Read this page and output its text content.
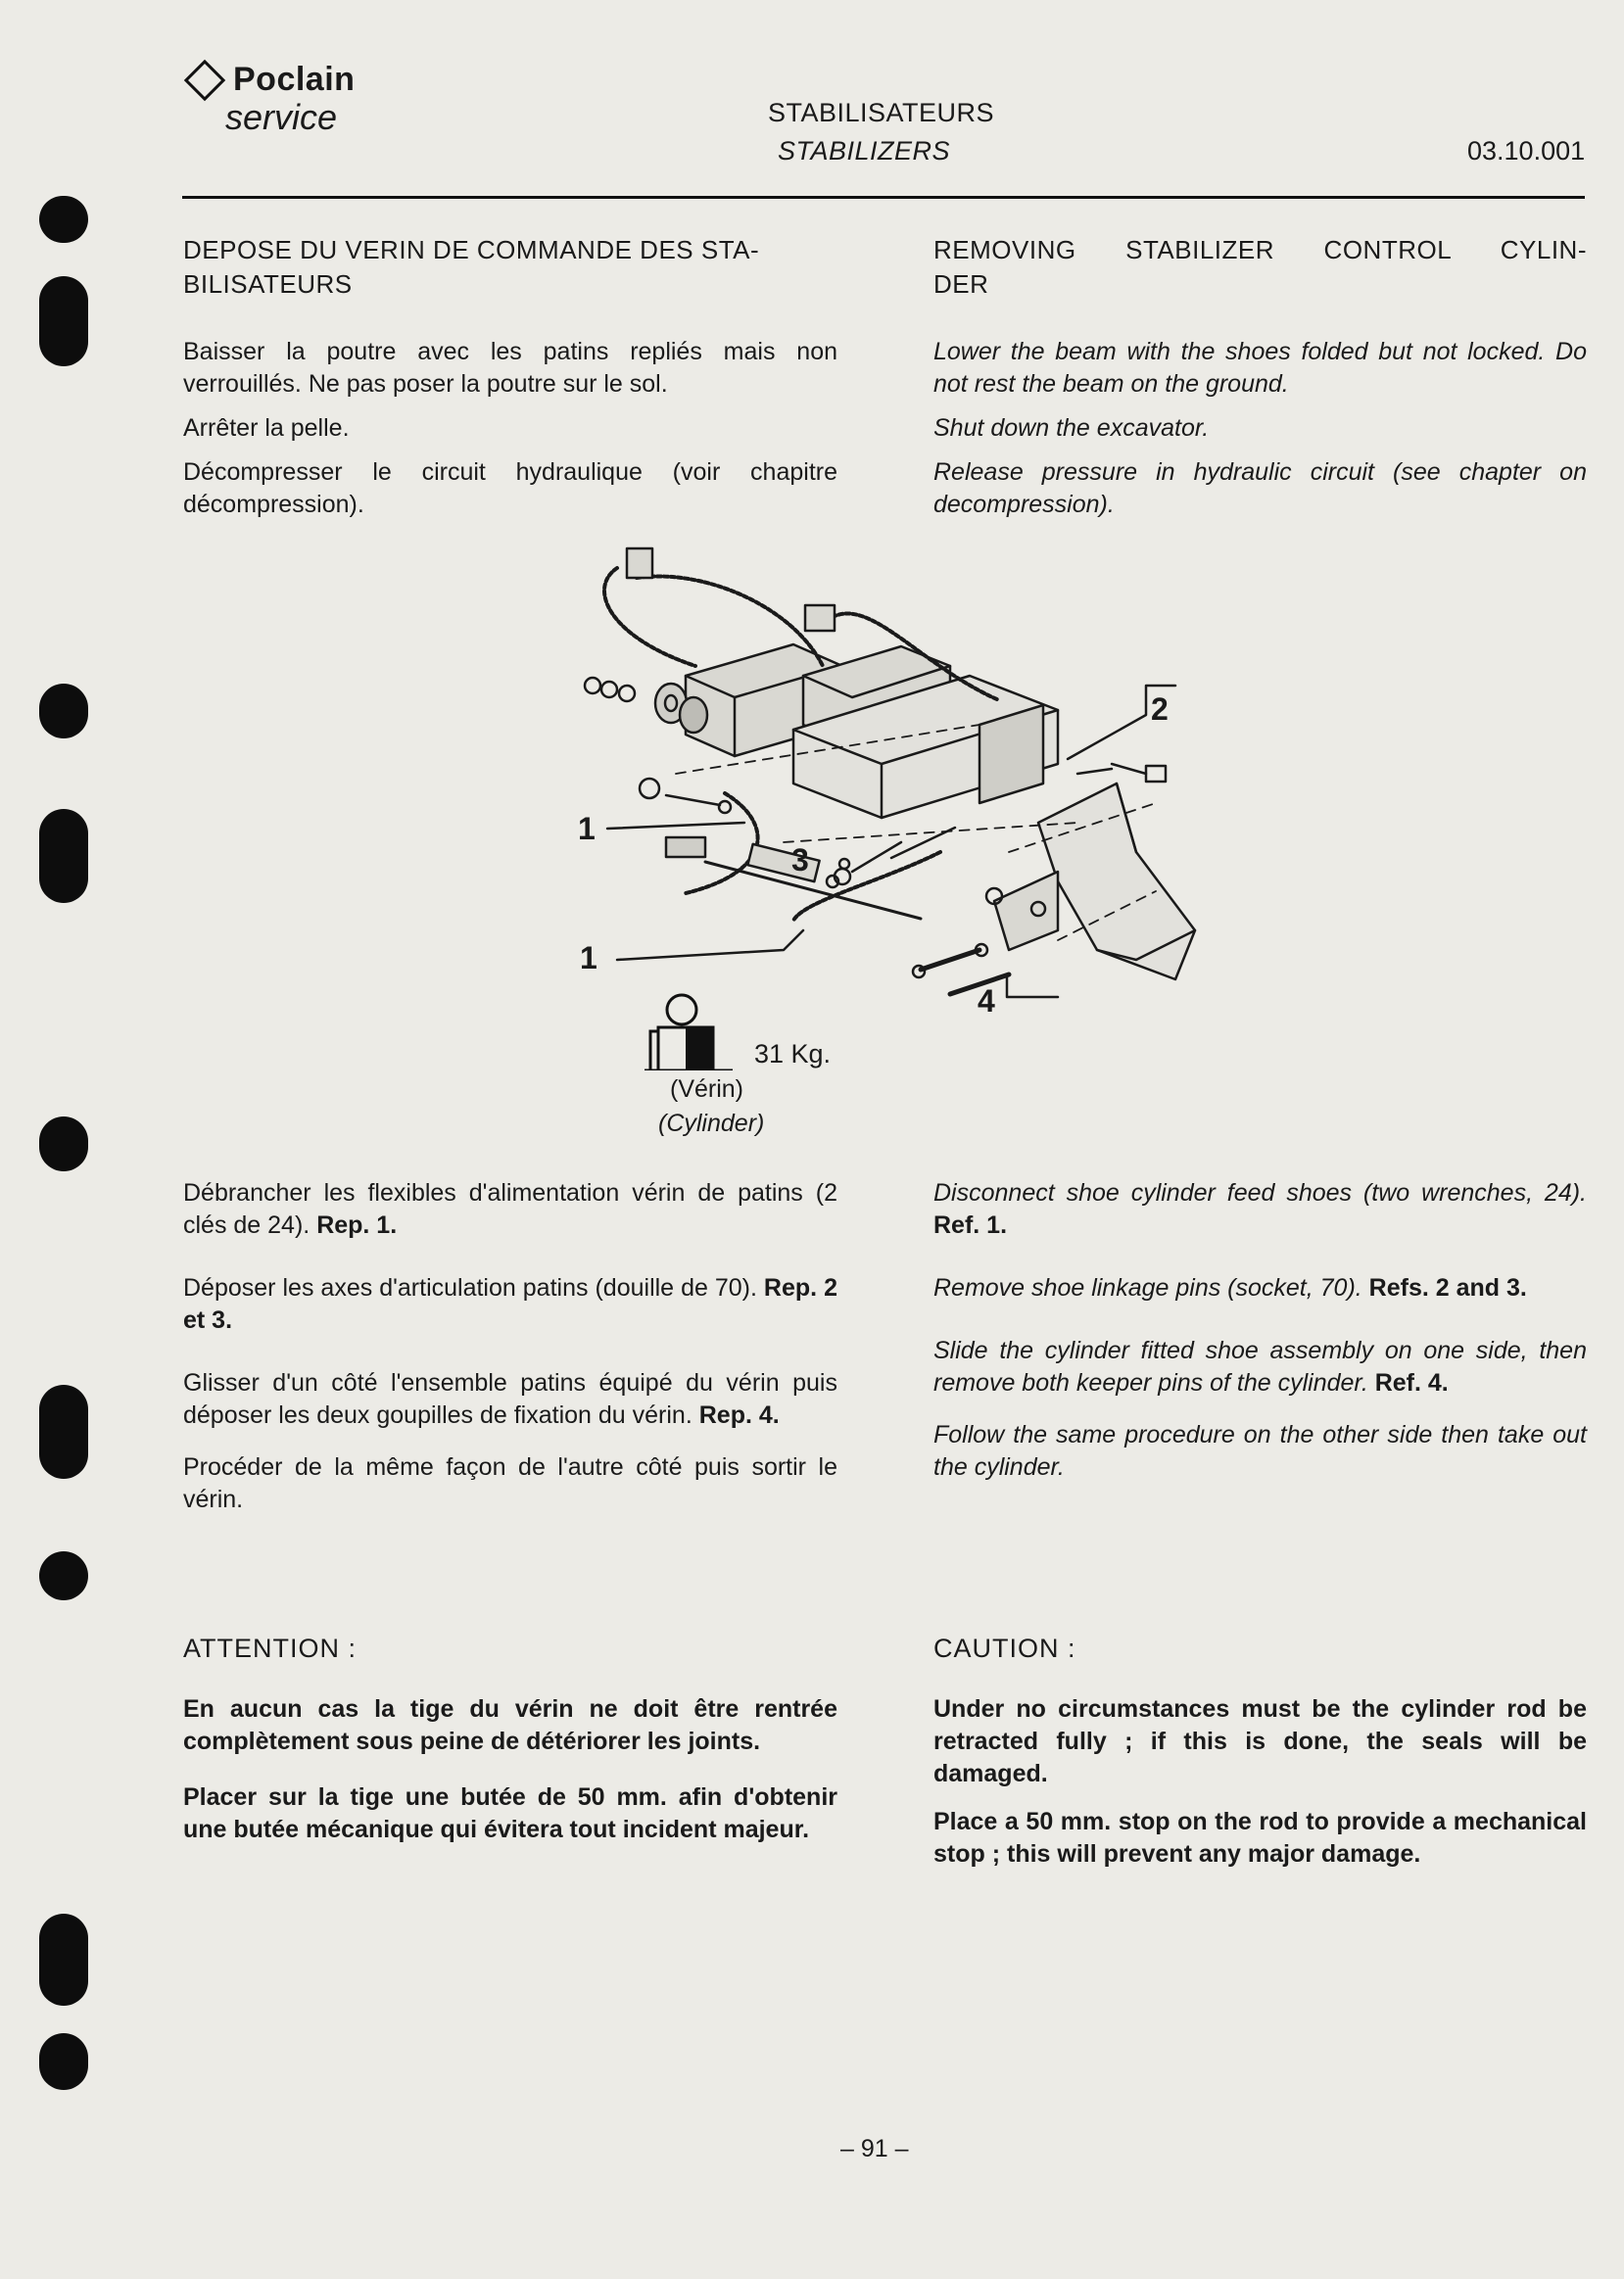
Poclain
service	STABILISATEURS
STABILIZERS	03.10.001
DEPOSE DU VERIN DE COMMANDE DES STA-
BILISATEURS

Baisser la poutre avec les patins repliés mais non verrouillés. Ne pas poser la poutre sur le sol.

Arrêter la pelle.

Décompresser le circuit hydraulique (voir chapitre décompression).

REMOVING STABILIZER CONTROL CYLIN-
DER

Lower the beam with the shoes folded but not locked. Do not rest the beam on the ground.

Shut down the excavator.

Release pressure in hydraulic circuit (see chapter on decompression).

1
1
2
3
4
31 Kg.
(Vérin)
(Cylinder)

Débrancher les flexibles d'alimentation vérin de patins (2 clés de 24). Rep. 1.

Déposer les axes d'articulation patins (douille de 70). Rep. 2 et 3.

Glisser d'un côté l'ensemble patins équipé du vérin puis déposer les deux goupilles de fixation du vérin. Rep. 4.

Procéder de la même façon de l'autre côté puis sortir le vérin.

Disconnect shoe cylinder feed shoes (two wrenches, 24). Ref. 1.

Remove shoe linkage pins (socket, 70). Refs. 2 and 3.

Slide the cylinder fitted shoe assembly on one side, then remove both keeper pins of the cylinder. Ref. 4.

Follow the same procedure on the other side then take out the cylinder.

ATTENTION :

En aucun cas la tige du vérin ne doit être rentrée complètement sous peine de détériorer les joints.

Placer sur la tige une butée de 50 mm. afin d'obtenir une butée mécanique qui évitera tout incident majeur.

CAUTION :

Under no circumstances must be the cylinder rod be retracted fully ; if this is done, the seals will be damaged.

Place a 50 mm. stop on the rod to provide a mechanical stop ; this will prevent any major damage.

– 91 –
